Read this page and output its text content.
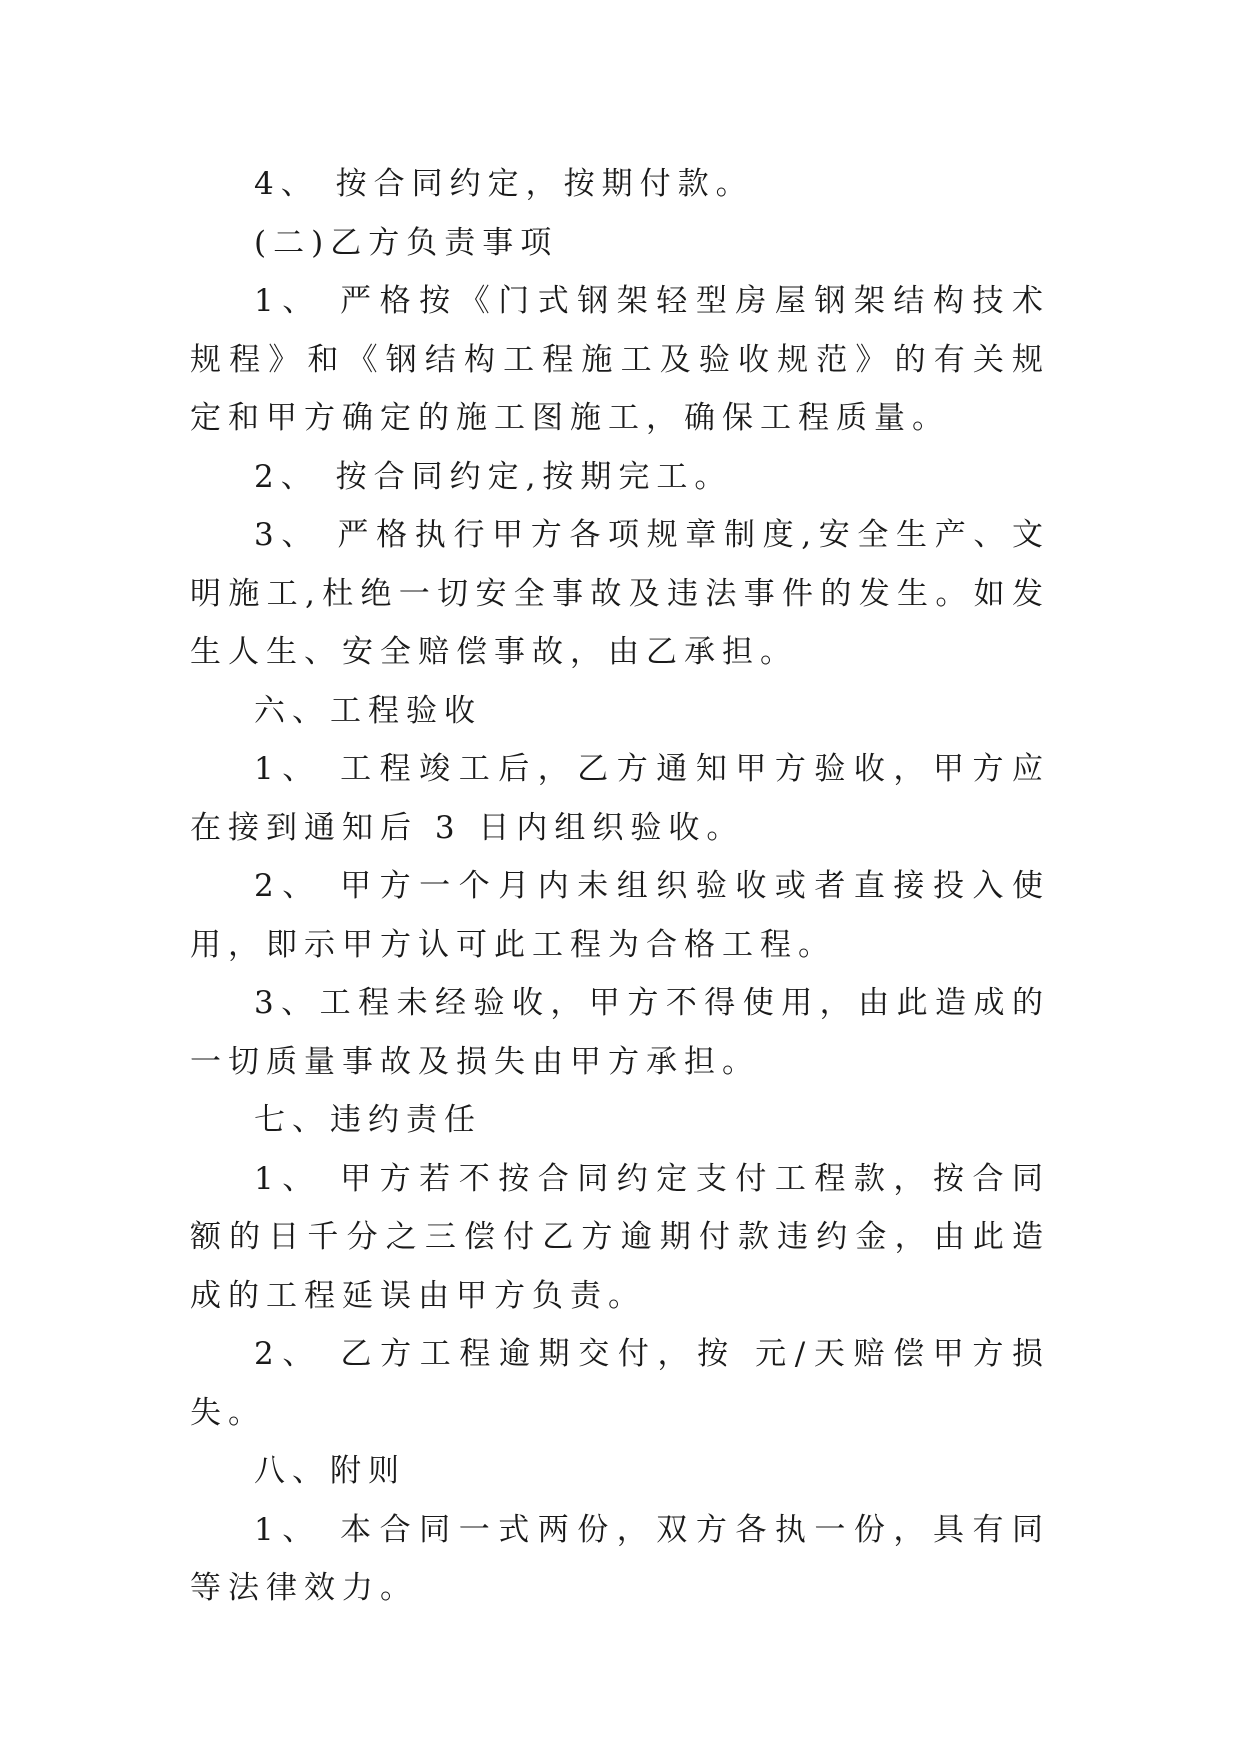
4、 按合同约定，按期付款。

(二)乙方负责事项

1、 严格按《门式钢架轻型房屋钢架结构技术规程》和《钢结构工程施工及验收规范》的有关规定和甲方确定的施工图施工，确保工程质量。

2、 按合同约定,按期完工。

3、 严格执行甲方各项规章制度,安全生产、文明施工,杜绝一切安全事故及违法事件的发生。如发生人生、安全赔偿事故，由乙承担。

六、工程验收

1、 工程竣工后，乙方通知甲方验收，甲方应在接到通知后 3 日内组织验收。

2、 甲方一个月内未组织验收或者直接投入使用，即示甲方认可此工程为合格工程。

3、工程未经验收，甲方不得使用，由此造成的一切质量事故及损失由甲方承担。

七、违约责任

1、 甲方若不按合同约定支付工程款，按合同额的日千分之三偿付乙方逾期付款违约金，由此造成的工程延误由甲方负责。

2、 乙方工程逾期交付，按 元/天赔偿甲方损失。

八、附则

1、 本合同一式两份，双方各执一份，具有同等法律效力。
